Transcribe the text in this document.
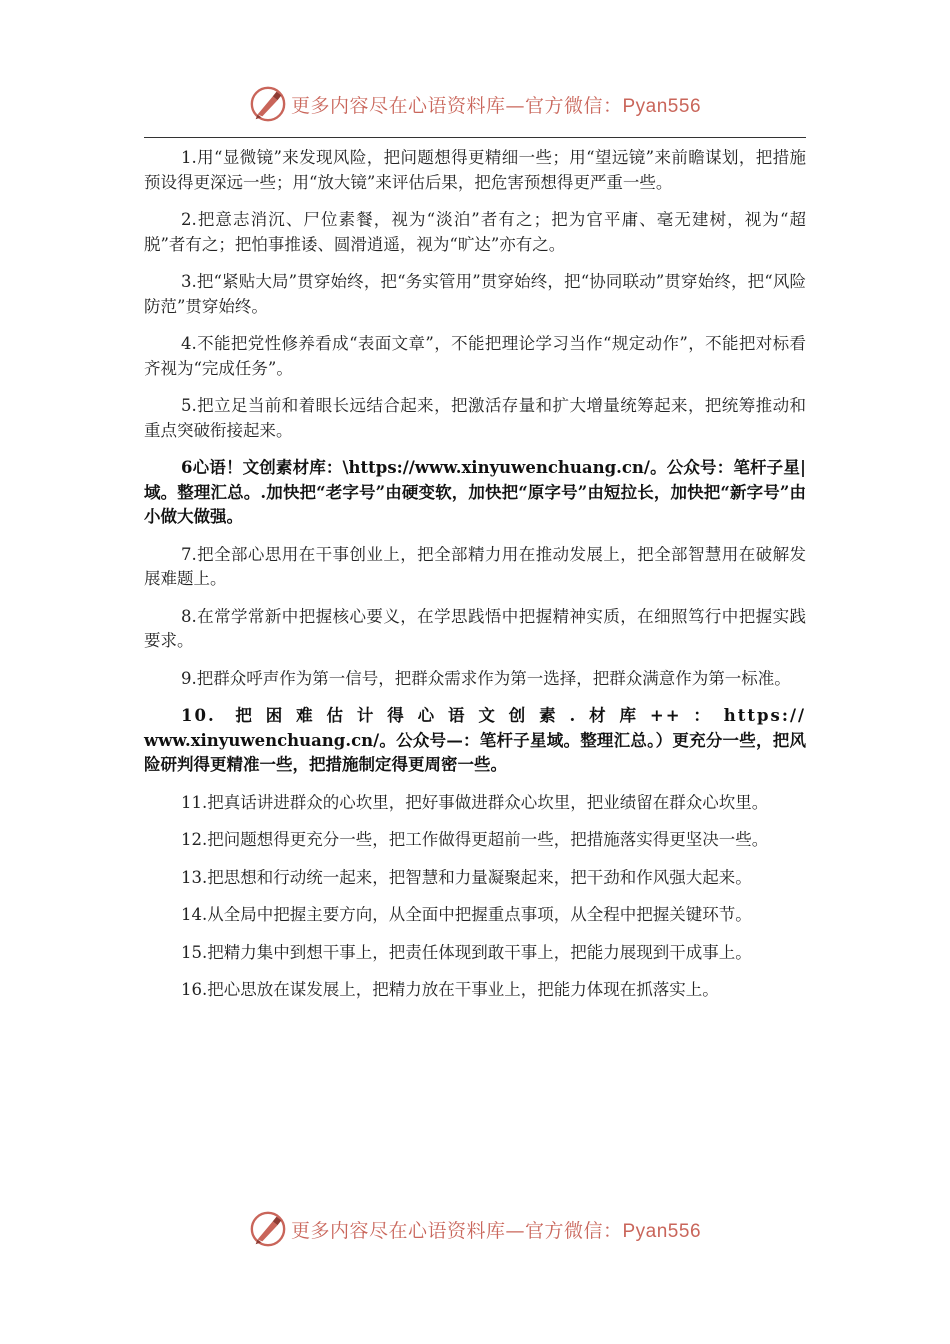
更多内容尽在心语资料库—官方微信：Pyan556

1.用“显微镜”来发现风险，把问题想得更精细一些；用“望远镜”来前瞻谋划，把措施预设得更深远一些；用“放大镜”来评估后果，把危害预想得更严重一些。

2.把意志消沉、尸位素餐，视为“淡泊”者有之；把为官平庸、毫无建树，视为“超脱”者有之；把怕事推诿、圆滑逍遥，视为“旷达”亦有之。

3.把“紧贴大局”贯穿始终，把“务实管用”贯穿始终，把“协同联动”贯穿始终，把“风险防范”贯穿始终。

4.不能把党性修养看成“表面文章”，不能把理论学习当作“规定动作”，不能把对标看齐视为“完成任务”。

5.把立足当前和着眼长远结合起来，把激活存量和扩大增量统筹起来，把统筹推动和重点突破衔接起来。

6心语！文创素材库：\https://www.xinyuwenchuang.cn/。公众号：笔杆子星|域。整理汇总。.加快把“老字号”由硬变软，加快把“原字号”由短拉长，加快把“新字号”由小做大做强。

7.把全部心思用在干事创业上，把全部精力用在推动发展上，把全部智慧用在破解发展难题上。

8.在常学常新中把握核心要义，在学思践悟中把握精神实质，在细照笃行中把握实践要求。

9.把群众呼声作为第一信号，把群众需求作为第一选择，把群众满意作为第一标准。

10. 把困难估计得心语文创素.材库++：https://
www.xinyuwenchuang.cn/。公众号—：笔杆子星域。整理汇总。）更充分一些，把风险研判得更精准一些，把措施制定得更周密一些。

11.把真话讲进群众的心坎里，把好事做进群众心坎里，把业绩留在群众心坎里。

12.把问题想得更充分一些，把工作做得更超前一些，把措施落实得更坚决一些。

13.把思想和行动统一起来，把智慧和力量凝聚起来，把干劲和作风强大起来。

14.从全局中把握主要方向，从全面中把握重点事项，从全程中把握关键环节。

15.把精力集中到想干事上，把责任体现到敢干事上，把能力展现到干成事上。

16.把心思放在谋发展上，把精力放在干事业上，把能力体现在抓落实上。

更多内容尽在心语资料库—官方微信：Pyan556
